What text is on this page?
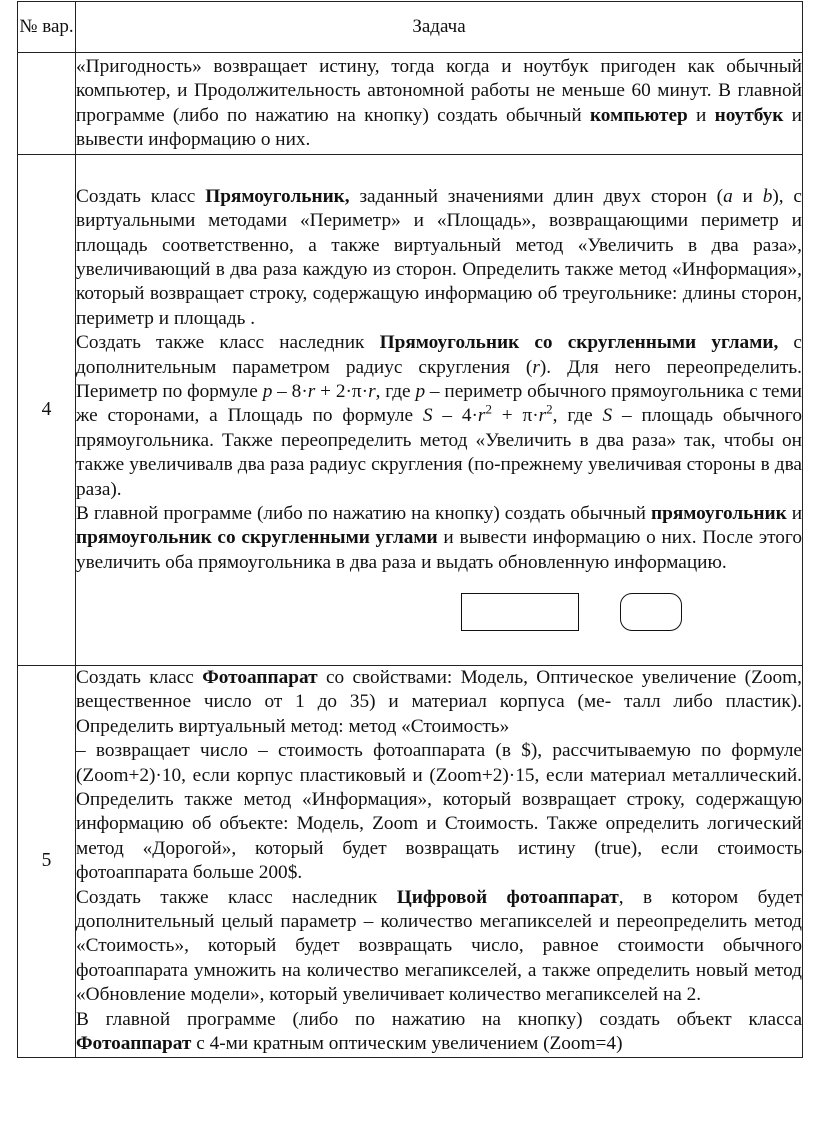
№ вар.	Задача

	«Пригодность» возвращает истину, тогда когда и ноутбук пригоден как обычный компьютер, и Продолжительность автономной работы не меньше 60 минут. В главной программе (либо по нажатию на кнопку) создать обычный компьютер и ноутбук и вывести информацию о них.

4	Создать класс Прямоугольник, заданный значениями длин двух сторон (a и b), с виртуальными методами «Периметр» и «Площадь», возвращающими периметр и площадь соответственно, а также виртуальный метод «Увеличить в два раза», увеличивающий в два раза каждую из сторон. Определить также метод «Информация», который возвращает строку, содержащую информацию об треугольнике: длины сторон, периметр и площадь .

Создать также класс наследник Прямоугольник со скругленными углами, с дополнительным параметром радиус скругления (r). Для него переопределить. Периметр по формуле p – 8·r + 2·π·r, где p – периметр обычного прямоугольника с теми же сторонами, а Площадь по формуле $S - 4\cdot r^2 + \pi\cdot r^2$, где S – площадь обычного прямоугольника. Также переопределить метод «Увеличить в два раза» так, чтобы он также увеличивалв два раза радиус скругления (по-прежнему увеличивая стороны в два раза).

В главной программе (либо по нажатию на кнопку) создать обычный прямоугольник и прямоугольник со скругленными углами и вывести информацию о них. После этого увеличить оба прямоугольника в два раза и выдать обновленную информацию.

5	Создать класс Фотоаппарат со свойствами: Модель, Оптическое увеличение (Zoom, вещественное число от 1 до 35) и материал корпуса (ме- талл либо пластик). Определить виртуальный метод: метод «Стоимость»

– возвращает число – стоимость фотоаппарата (в $), рассчитываемую по формуле (Zoom+2)·10, если корпус пластиковый и (Zoom+2)·15, если материал металлический. Определить также метод «Информация», который возвращает строку, содержащую информацию об объекте: Модель, Zoom и Стоимость. Также определить логический метод «Дорогой», который будет возвращать истину (true), если стоимость фотоаппарата больше 200$.

Создать также класс наследник Цифровой фотоаппарат, в котором будет дополнительный целый параметр – количество мегапикселей и переопределить метод «Стоимость», который будет возвращать число, равное стоимости обычного фотоаппарата умножить на количество мегапикселей, а также определить новый метод «Обновление модели», который увеличивает количество мегапикселей на 2.

В главной программе (либо по нажатию на кнопку) создать объект класса Фотоаппарат с 4-ми кратным оптическим увеличением (Zoom=4)
